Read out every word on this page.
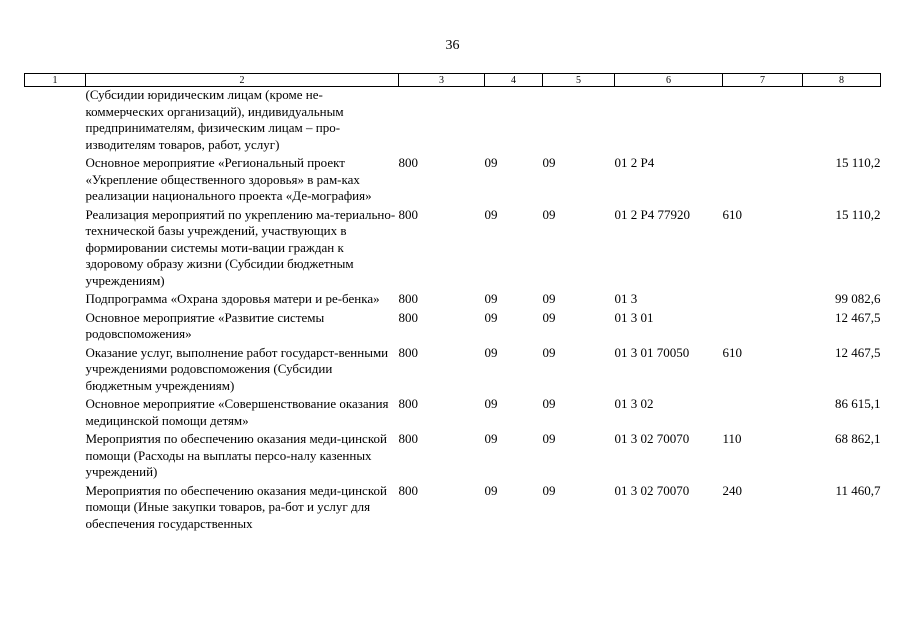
36
1	2	3	4	5	6	7	8
	(Субсидии юридическим лицам (кроме не-коммерческих организаций), индивидуальным предпринимателям, физическим лицам – про-изводителям товаров, работ, услуг)						
	Основное мероприятие «Региональный проект «Укрепление общественного здоровья» в рам-ках реализации национального проекта «Де-мография»	800	09	09	01 2 P4		15 110,2
	Реализация мероприятий по укреплению ма-териально-технической базы учреждений, участвующих в формировании системы моти-вации граждан к здоровому образу жизни (Субсидии бюджетным учреждениям)	800	09	09	01 2 P4 77920	610	15 110,2
	Подпрограмма «Охрана здоровья матери и ре-бенка»	800	09	09	01 3		99 082,6
	Основное мероприятие «Развитие системы родовспоможения»	800	09	09	01 3 01		12 467,5
	Оказание услуг, выполнение работ государст-венными учреждениями родовспоможения (Субсидии бюджетным учреждениям)	800	09	09	01 3 01 70050	610	12 467,5
	Основное мероприятие «Совершенствование оказания медицинской помощи детям»	800	09	09	01 3 02		86 615,1
	Мероприятия по обеспечению оказания меди-цинской помощи (Расходы на выплаты персо-налу казенных учреждений)	800	09	09	01 3 02 70070	110	68 862,1
	Мероприятия по обеспечению оказания меди-цинской помощи (Иные закупки товаров, ра-бот и услуг для обеспечения государственных	800	09	09	01 3 02 70070	240	11 460,7
